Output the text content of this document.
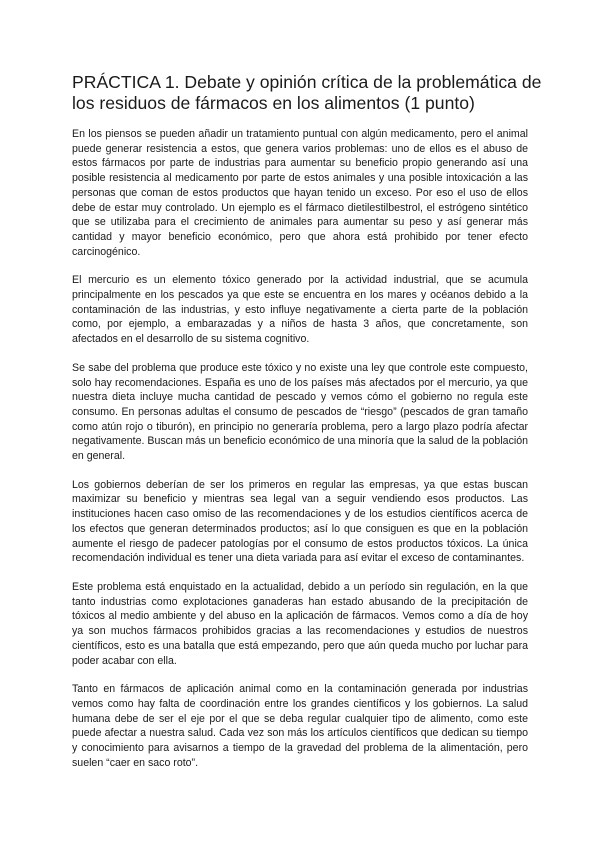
PRÁCTICA 1. Debate y opinión crítica de la problemática de los residuos de fármacos en los alimentos (1 punto)

En los piensos se pueden añadir un tratamiento puntual con algún medicamento, pero el animal puede generar resistencia a estos, que genera varios problemas: uno de ellos es el abuso de estos fármacos por parte de industrias para aumentar su beneficio propio generando así una posible resistencia al medicamento por parte de estos animales y una posible intoxicación a las personas que coman de estos productos que hayan tenido un exceso. Por eso el uso de ellos debe de estar muy controlado. Un ejemplo es el fármaco dietilestilbestrol, el estrógeno sintético que se utilizaba para el crecimiento de animales para aumentar su peso y así generar más cantidad y mayor beneficio económico, pero que ahora está prohibido por tener efecto carcinogénico.

El mercurio es un elemento tóxico generado por la actividad industrial, que se acumula principalmente en los pescados ya que este se encuentra en los mares y océanos debido a la contaminación de las industrias, y esto influye negativamente a cierta parte de la población como, por ejemplo, a embarazadas y a niños de hasta 3 años, que concretamente, son afectados en el desarrollo de su sistema cognitivo.

Se sabe del problema que produce este tóxico y no existe una ley que controle este compuesto, solo hay recomendaciones. España es uno de los países más afectados por el mercurio, ya que nuestra dieta incluye mucha cantidad de pescado y vemos cómo el gobierno no regula este consumo. En personas adultas el consumo de pescados de “riesgo” (pescados de gran tamaño como atún rojo o tiburón), en principio no generaría problema, pero a largo plazo podría afectar negativamente. Buscan más un beneficio económico de una minoría que la salud de la población en general.

Los gobiernos deberían de ser los primeros en regular las empresas, ya que estas buscan maximizar su beneficio y mientras sea legal van a seguir vendiendo esos productos. Las instituciones hacen caso omiso de las recomendaciones y de los estudios científicos acerca de los efectos que generan determinados productos; así lo que consiguen es que en la población aumente el riesgo de padecer patologías por el consumo de estos productos tóxicos. La única recomendación individual es tener una dieta variada para así evitar el exceso de contaminantes.

Este problema está enquistado en la actualidad, debido a un período sin regulación, en la que tanto industrias como explotaciones ganaderas han estado abusando de la precipitación de tóxicos al medio ambiente y del abuso en la aplicación de fármacos. Vemos como a día de hoy ya son muchos fármacos prohibidos gracias a las recomendaciones y estudios de nuestros científicos, esto es una batalla que está empezando, pero que aún queda mucho por luchar para poder acabar con ella.

Tanto en fármacos de aplicación animal como en la contaminación generada por industrias vemos como hay falta de coordinación entre los grandes científicos y los gobiernos. La salud humana debe de ser el eje por el que se deba regular cualquier tipo de alimento, como este puede afectar a nuestra salud. Cada vez son más los artículos científicos que dedican su tiempo y conocimiento para avisarnos a tiempo de la gravedad del problema de la alimentación, pero suelen “caer en saco roto”.
